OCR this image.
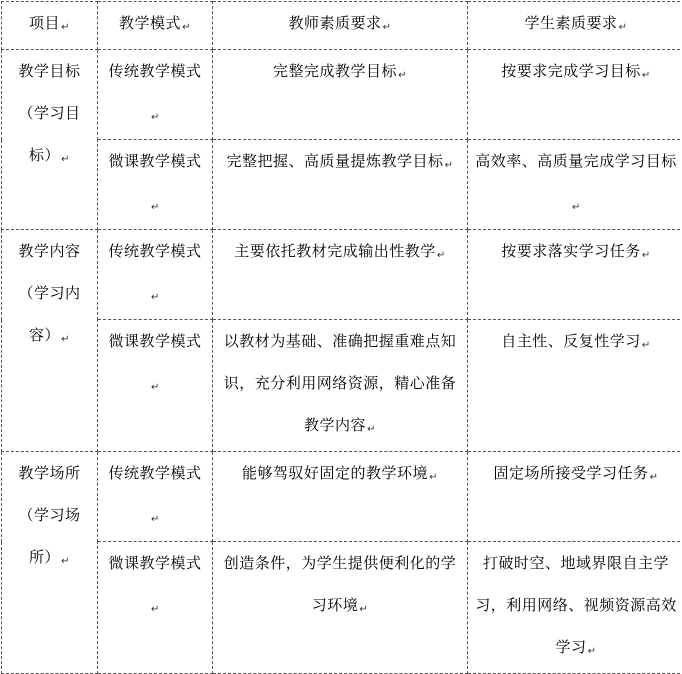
项目↵	教学模式↵	教师素质要求↵	学生素质要求↵

教学目标（学习目标）↵	传统教学模式↵	完整完成教学目标↵	按要求完成学习目标↵

	微课教学模式↵	完整把握、高质量提炼教学目标↵	高效率、高质量完成学习目标↵

教学内容（学习内容）↵	传统教学模式↵	主要依托教材完成输出性教学↵	按要求落实学习任务↵

	微课教学模式↵	以教材为基础、准确把握重难点知识，充分利用网络资源，精心准备教学内容↵	自主性、反复性学习↵

教学场所（学习场所）↵	传统教学模式↵	能够驾驭好固定的教学环境↵	固定场所接受学习任务↵

	微课教学模式↵	创造条件，为学生提供便利化的学习环境↵	打破时空、地域界限自主学习，利用网络、视频资源高效学习↵
